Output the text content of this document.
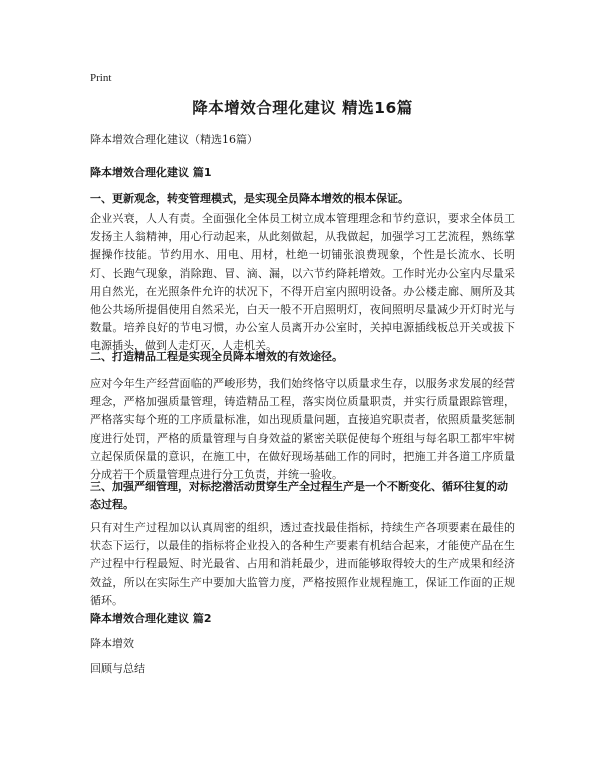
Print
降本增效合理化建议 精选16篇

降本增效合理化建议（精选16篇）

降本增效合理化建议 篇1

一、更新观念，转变管理模式，是实现全员降本增效的根本保证。

企业兴衰，人人有责。全面强化全体员工树立成本管理理念和节约意识，要求全体员工发扬主人翁精神，用心行动起来，从此刻做起，从我做起，加强学习工艺流程，熟练掌握操作技能。节约用水、用电、用材，杜绝一切铺张浪费现象，个性是长流水、长明灯、长跑气现象，消除跑、冒、滴、漏，以六节约降耗增效。工作时光办公室内尽量采用自然光，在光照条件允许的状况下，不得开启室内照明设备。办公楼走廊、厕所及其他公共场所提倡使用自然采光，白天一般不开启照明灯，夜间照明尽量减少开灯时光与数量。培养良好的节电习惯，办公室人员离开办公室时，关掉电源插线板总开关或拔下电源插头，做到人走灯灭，人走机关。

二、打造精品工程是实现全员降本增效的有效途径。

应对今年生产经营面临的严峻形势，我们始终恪守以质量求生存，以服务求发展的经营理念，严格加强质量管理，铸造精品工程，落实岗位质量职责，并实行质量跟踪管理，严格落实每个班的工序质量标准，如出现质量问题，直接追究职责者，依照质量奖惩制度进行处罚，严格的质量管理与自身效益的紧密关联促使每个班组与每名职工都牢牢树立起保质保量的意识，在施工中，在做好现场基础工作的同时，把施工并各道工序质量分成若干个质量管理点进行分工负责，并统一验收。

三、加强严细管理，对标挖潜活动贯穿生产全过程生产是一个不断变化、循环往复的动态过程。

只有对生产过程加以认真周密的组织，透过查找最佳指标，持续生产各项要素在最佳的状态下运行，以最佳的指标将企业投入的各种生产要素有机结合起来，才能使产品在生产过程中行程最短、时光最省、占用和消耗最少，进而能够取得较大的生产成果和经济效益，所以在实际生产中要加大监管力度，严格按照作业规程施工，保证工作面的正规循环。

降本增效合理化建议 篇2

降本增效

回顾与总结
